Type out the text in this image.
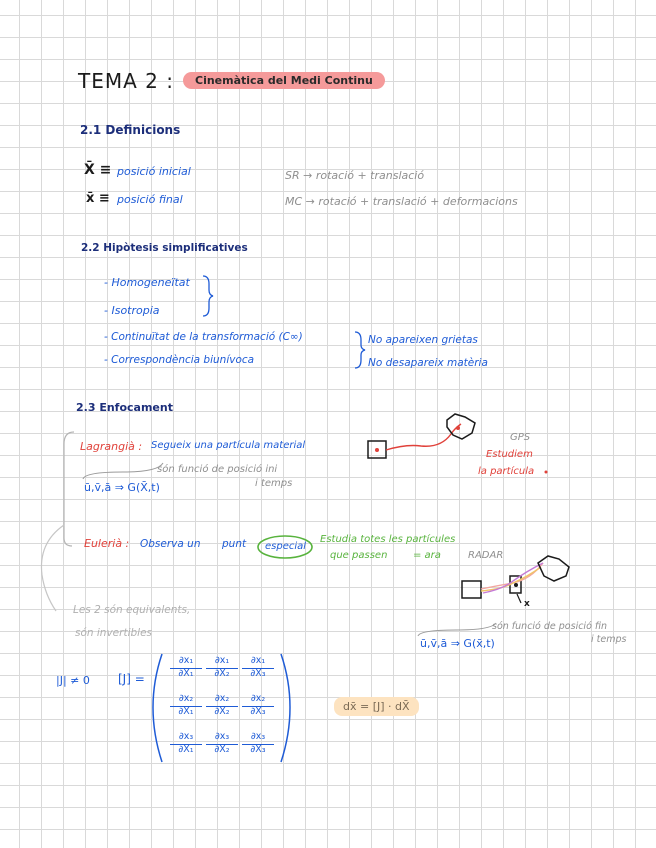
TEMA 2 :	Cinemàtica del Medi Continu
2.1 Definicions
X̄ ≡ posició inicial
x̄ ≡ posició final
SR → rotació + translació
MC → rotació + translació + deformacions
2.2 Hipòtesis simplificatives
- Homogeneïtat
- Isotropia
- Continuïtat de la transformació (C∞)
- Correspondència biunívoca
No apareixen grietas
No desapareix matèria
2.3 Enfocament
Lagrangià : Segueix una partícula material
són funció de posició ini
i temps
ū,v̄,ā ⇒ G(X̄,t)
GPS
Estudiem
la partícula
Eulerià : Observa un punt especial
Estudia totes les partícules
que passen	= ara	RADAR
x
Les 2 són equivalents,
són invertibles
són funció de posició fin
i temps
ū,v̄,ā ⇒ G(x̄,t)
|J| ≠ 0 [J] =	$\frac{\text{∂x₁}}{\text{∂X₁}} \frac{\text{∂x₁}}{\text{∂X₂}} \frac{\text{∂x₁}}{\text{∂X₃}}$
$\frac{\text{∂x₂}}{\text{∂X₁}} \frac{\text{∂x₂}}{\text{∂X₂}} \frac{\text{∂x₂}}{\text{∂X₃}}$
$\frac{\text{∂x₃}}{\text{∂X₁}} \frac{\text{∂x₃}}{\text{∂X₂}} \frac{\text{∂x₃}}{\text{∂X₃}}$
dx̄ = [J] · dX̄
